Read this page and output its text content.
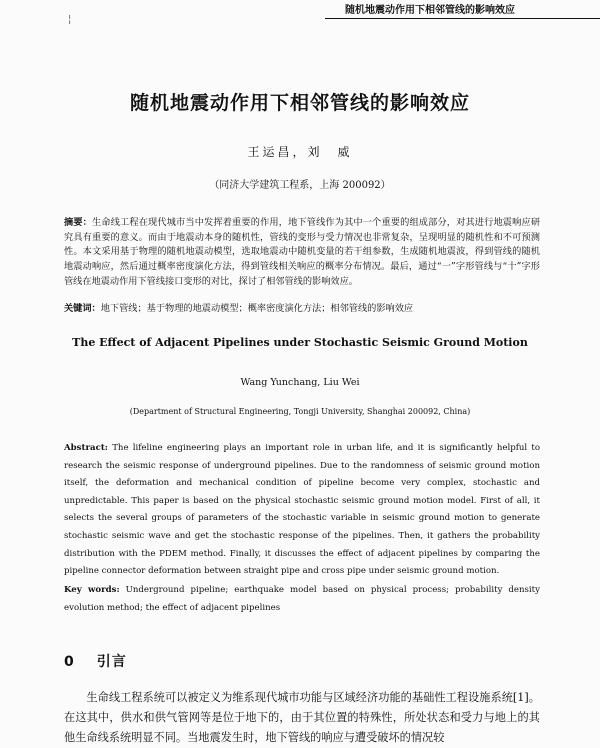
随机地震动作用下相邻管线的影响效应
¦
随机地震动作用下相邻管线的影响效应
王运昌，刘　威
（同济大学建筑工程系，上海 200092）
摘要：生命线工程在现代城市当中发挥着重要的作用，地下管线作为其中一个重要的组成部分，对其进行地震响应研究具有重要的意义。而由于地震动本身的随机性，管线的变形与受力情况也非常复杂，呈现明显的随机性和不可预测性。本文采用基于物理的随机地震动模型，选取地震动中随机变量的若干组参数，生成随机地震波，得到管线的随机地震动响应，然后通过概率密度演化方法，得到管线相关响应的概率分布情况。最后，通过“一”字形管线与“十”字形管线在地震动作用下管线接口变形的对比，探讨了相邻管线的影响效应。
关键词：地下管线；基于物理的地震动模型；概率密度演化方法；相邻管线的影响效应
The Effect of Adjacent Pipelines under Stochastic Seismic Ground Motion
Wang Yunchang, Liu Wei
(Department of Structural Engineering, Tongji University, Shanghai 200092, China)
Abstract: The lifeline engineering plays an important role in urban life, and it is significantly helpful to research the seismic response of underground pipelines. Due to the randomness of seismic ground motion itself, the deformation and mechanical condition of pipeline become very complex, stochastic and unpredictable. This paper is based on the physical stochastic seismic ground motion model. First of all, it selects the several groups of parameters of the stochastic variable in seismic ground motion to generate stochastic seismic wave and get the stochastic response of the pipelines. Then, it gathers the probability distribution with the PDEM method. Finally, it discusses the effect of adjacent pipelines by comparing the pipeline connector deformation between straight pipe and cross pipe under seismic ground motion.
Key words: Underground pipeline; earthquake model based on physical process; probability density evolution method; the effect of adjacent pipelines
0 引言
生命线工程系统可以被定义为维系现代城市功能与区域经济功能的基础性工程设施系统[1]。在这其中，供水和供气管网等是位于地下的，由于其位置的特殊性，所处状态和受力与地上的其他生命线系统明显不同。当地震发生时，地下管线的响应与遭受破坏的情况较
